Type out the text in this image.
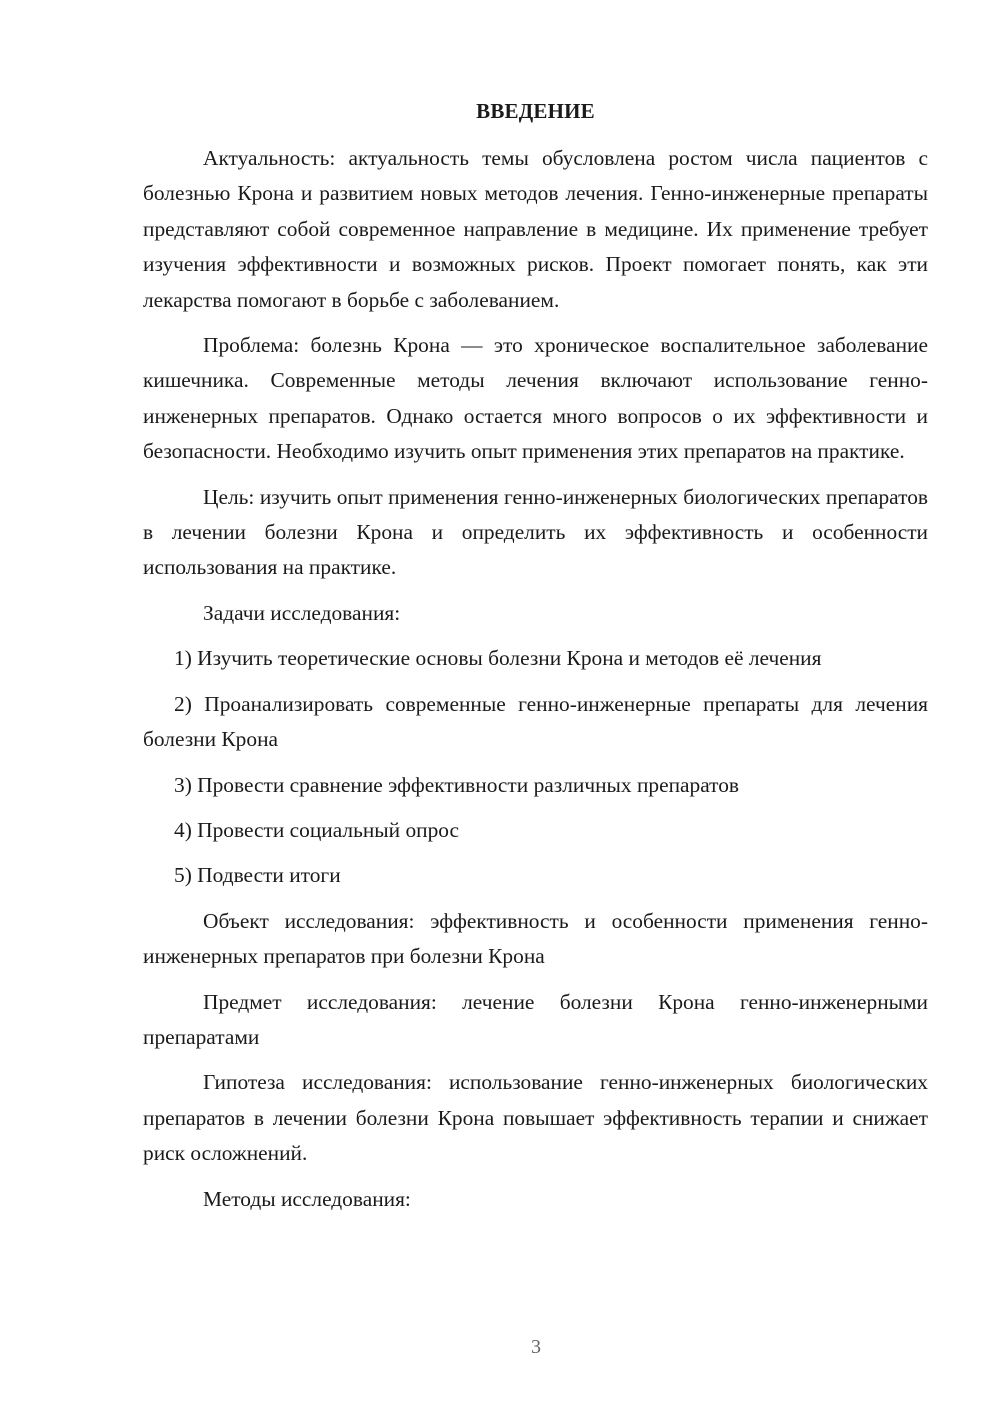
ВВЕДЕНИЕ

Актуальность: актуальность темы обусловлена ростом числа пациентов с болезнью Крона и развитием новых методов лечения. Генно-инженерные препараты представляют собой современное направление в медицине. Их применение требует изучения эффективности и возможных рисков. Проект помогает понять, как эти лекарства помогают в борьбе с заболеванием.

Проблема: болезнь Крона — это хроническое воспалительное заболевание кишечника. Современные методы лечения включают использование генно-инженерных препаратов. Однако остается много вопросов о их эффективности и безопасности. Необходимо изучить опыт применения этих препаратов на практике.

Цель: изучить опыт применения генно-инженерных биологических препаратов в лечении болезни Крона и определить их эффективность и особенности использования на практике.

Задачи исследования:

1) Изучить теоретические основы болезни Крона и методов её лечения

2) Проанализировать современные генно-инженерные препараты для лечения болезни Крона

3) Провести сравнение эффективности различных препаратов

4) Провести социальный опрос

5) Подвести итоги

Объект исследования: эффективность и особенности применения генно-инженерных препаратов при болезни Крона

Предмет исследования: лечение болезни Крона генно-инженерными препаратами

Гипотеза исследования: использование генно-инженерных биологических препаратов в лечении болезни Крона повышает эффективность терапии и снижает риск осложнений.

Методы исследования:

3
